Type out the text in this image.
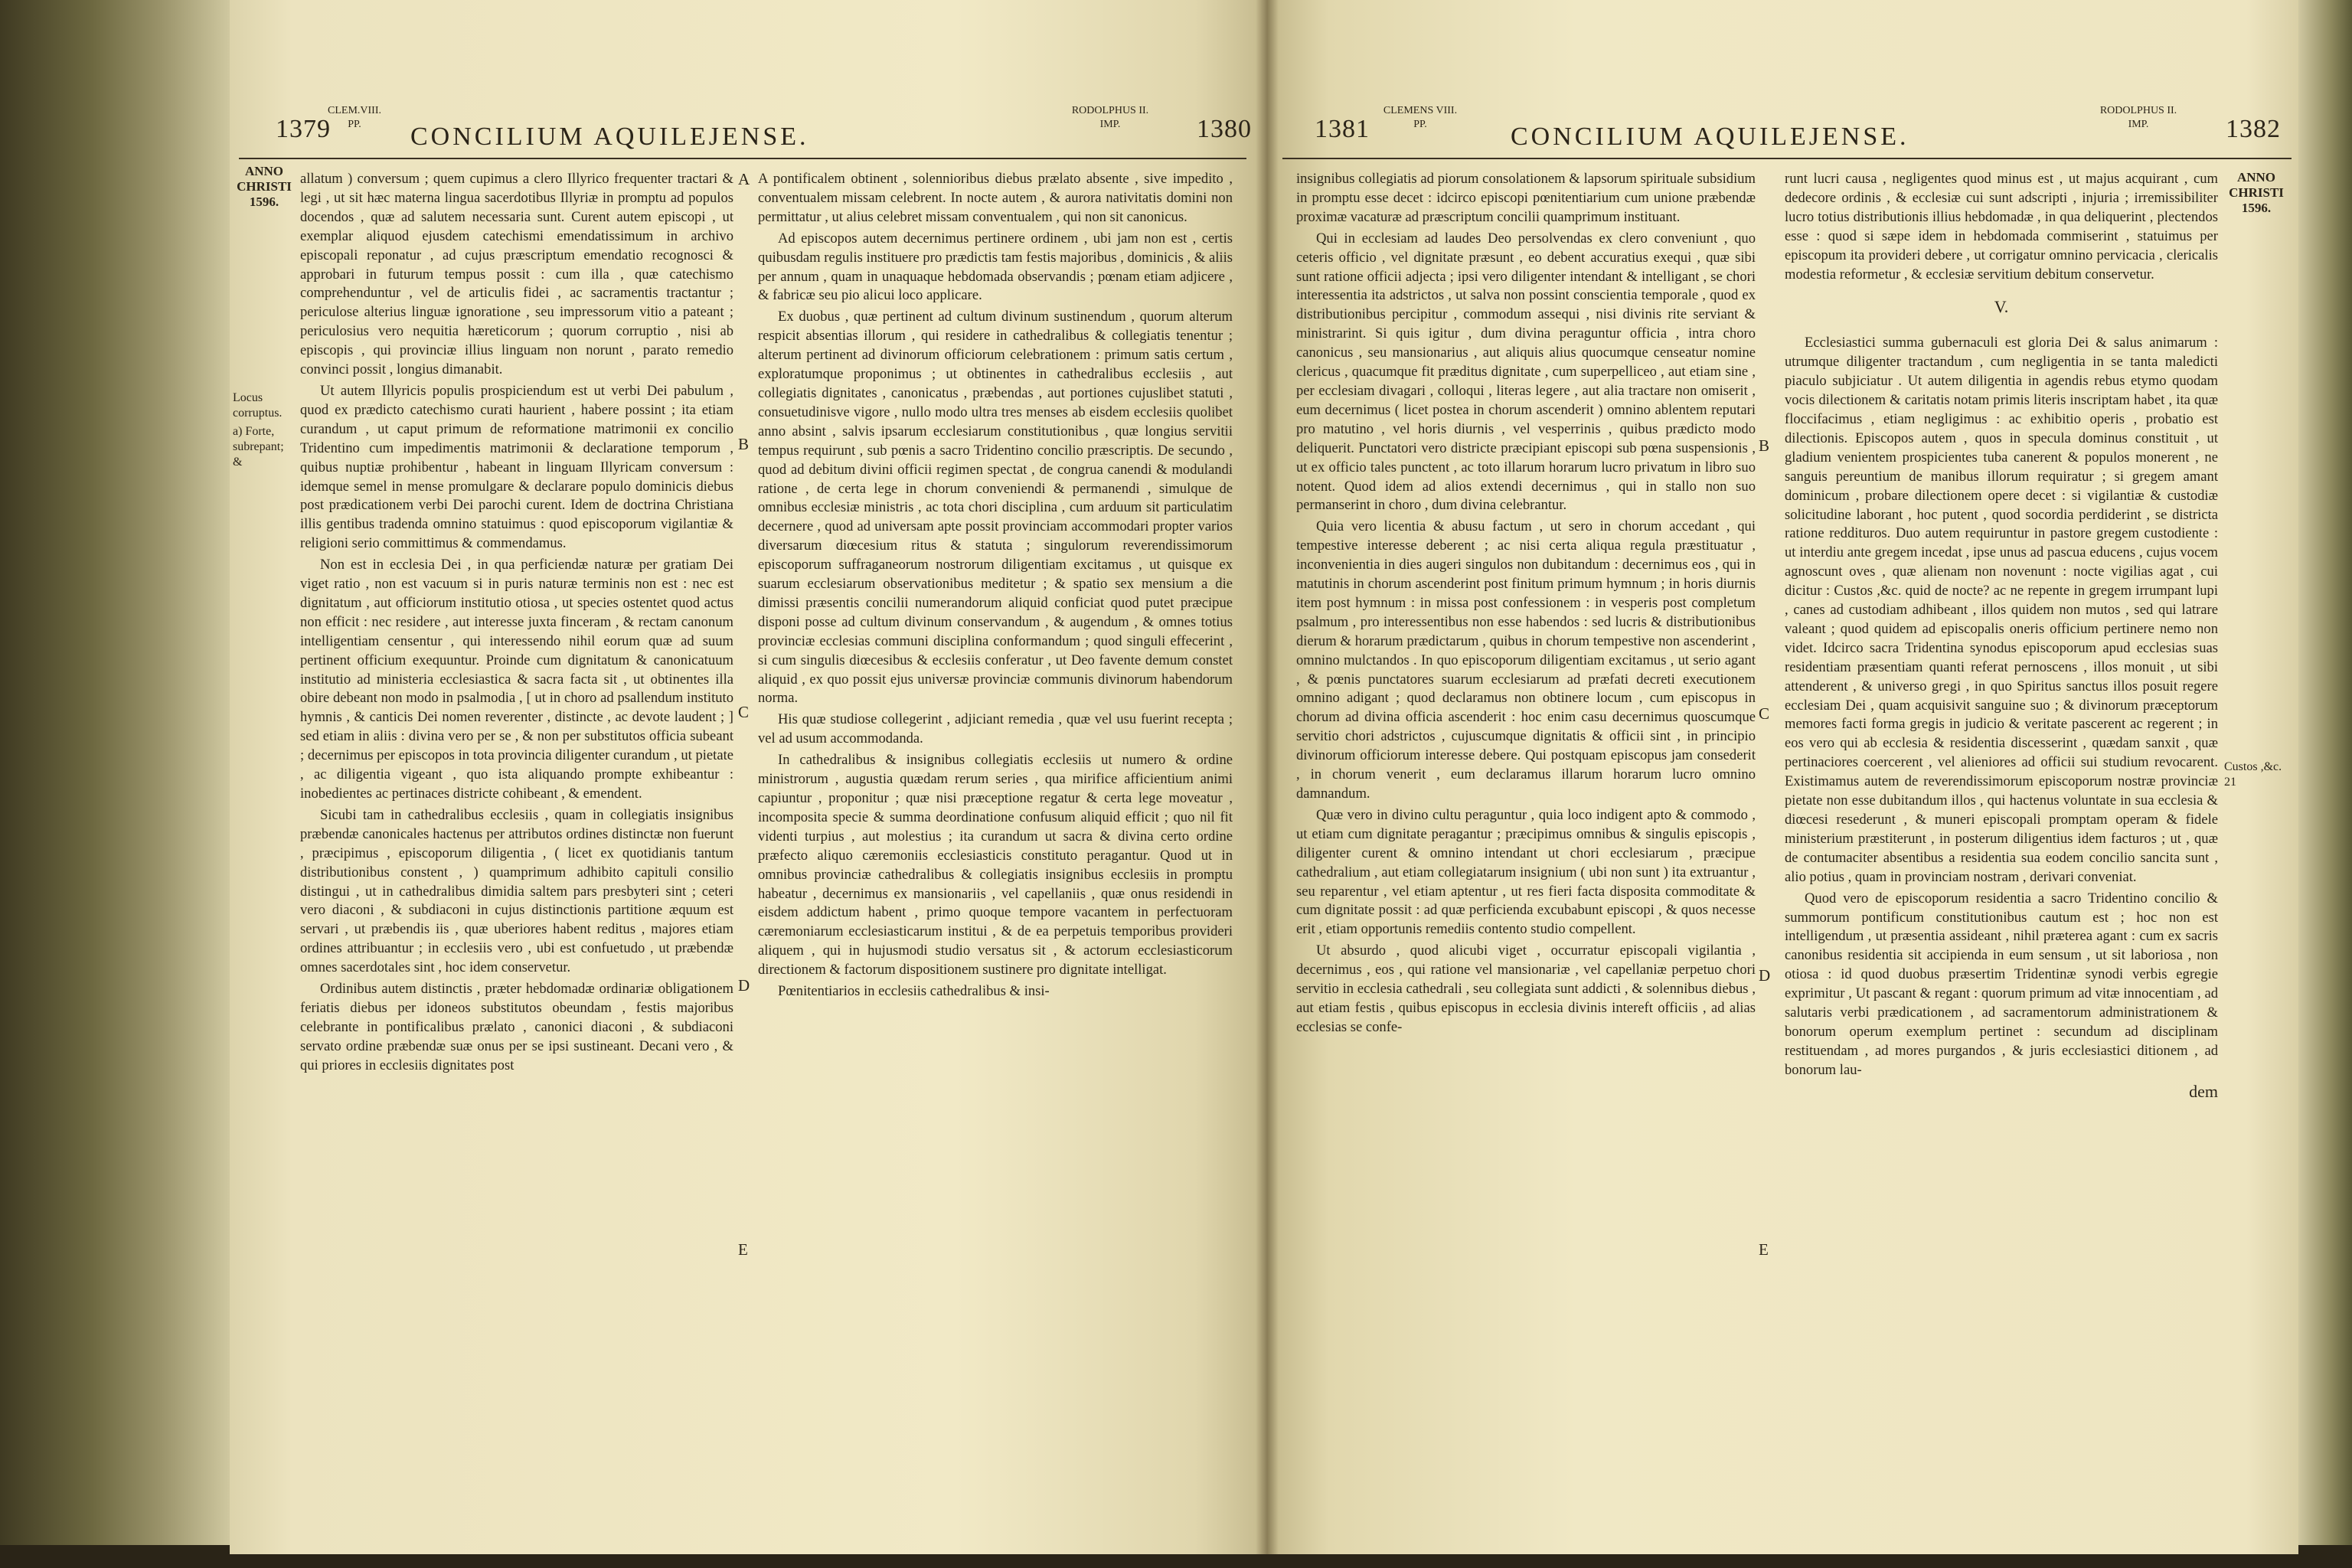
1379
CLEM.VIII. PP.	CONCILIUM AQUILEJENSE.
RODOLPHUS II. IMP.	1380
ANNO CHRISTI 1596.
Locus corruptus.
a) Forte, subrepant; &

allatum ) conversum ; quem cupimus a clero Illyrico frequenter tractari & legi , ut sit hæc materna lingua sacerdotibus Illyriæ in promptu ad populos docendos , quæ ad salutem necessaria sunt. Curent autem episcopi , ut exemplar aliquod ejusdem catechismi emendatissimum in archivo episcopali reponatur , ad cujus præscriptum emendatio recognosci & approbari in futurum tempus possit : cum illa , quæ catechismo comprehenduntur , vel de articulis fidei , ac sacramentis tractantur ; periculose alterius linguæ ignoratione , seu impressorum vitio a pateant ; periculosius vero nequitia hæreticorum ; quorum corruptio , nisi ab episcopis , qui provinciæ illius linguam non norunt , parato remedio convinci possit , longius dimanabit.

Ut autem Illyricis populis prospiciendum est ut verbi Dei pabulum , quod ex prædicto catechismo curati haurient , habere possint ; ita etiam curandum , ut caput primum de reformatione matrimonii ex concilio Tridentino cum impedimentis matrimonii & declaratione temporum , quibus nuptiæ prohibentur , habeant in linguam Illyricam conversum : idemque semel in mense promulgare & declarare populo dominicis diebus post prædicationem verbi Dei parochi curent. Idem de doctrina Christiana illis gentibus tradenda omnino statuimus : quod episcoporum vigilantiæ & religioni serio committimus & commendamus.

Non est in ecclesia Dei , in qua perficiendæ naturæ per gratiam Dei viget ratio , non est vacuum si in puris naturæ terminis non est : nec est dignitatum , aut officiorum institutio otiosa , ut species ostentet quod actus non efficit : nec residere , aut interesse juxta finceram , & rectam canonum intelligentiam censentur , qui interessendo nihil eorum quæ ad suum pertinent officium exequuntur. Proinde cum dignitatum & canonicatuum institutio ad ministeria ecclesiastica & sacra facta sit , ut obtinentes illa obire debeant non modo in psalmodia , [ ut in choro ad psallendum instituto hymnis , & canticis Dei nomen reverenter , distincte , ac devote laudent ; ] sed etiam in aliis : divina vero per se , & non per substitutos officia subeant ; decernimus per episcopos in tota provincia diligenter curandum , ut pietate , ac diligentia vigeant , quo ista aliquando prompte exhibeantur : inobedientes ac pertinaces districte cohibeant , & emendent.

Sicubi tam in cathedralibus ecclesiis , quam in collegiatis insignibus præbendæ canonicales hactenus per attributos ordines distinctæ non fuerunt , præcipimus , episcoporum diligentia , ( licet ex quotidianis tantum distributionibus constent , ) quamprimum adhibito capituli consilio distingui , ut in cathedralibus dimidia saltem pars presbyteri sint ; ceteri vero diaconi , & subdiaconi in cujus distinctionis partitione æquum est servari , ut præbendis iis , quæ uberiores habent reditus , majores etiam ordines attribuantur ; in ecclesiis vero , ubi est confuetudo , ut præbendæ omnes sacerdotales sint , hoc idem conservetur.

Ordinibus autem distinctis , præter hebdomadæ ordinariæ obligationem feriatis diebus per idoneos substitutos obeundam , festis majoribus celebrante in pontificalibus prælato , canonici diaconi , & subdiaconi servato ordine præbendæ suæ onus per se ipsi sustineant. Decani vero , & qui priores in ecclesiis dignitates post

A
B
C
D
E

A pontificalem obtinent , solennioribus diebus prælato absente , sive impedito , conventualem missam celebrent. In nocte autem , & aurora nativitatis domini non permittatur , ut alius celebret missam conventualem , qui non sit canonicus.

Ad episcopos autem decernimus pertinere ordinem , ubi jam non est , certis quibusdam regulis instituere pro prædictis tam festis majoribus , dominicis , & aliis per annum , quam in unaquaque hebdomada observandis ; pœnam etiam adjicere , & fabricæ seu pio alicui loco applicare.

Ex duobus , quæ pertinent ad cultum divinum sustinendum , quorum alterum respicit absentias illorum , qui residere in cathedralibus & collegiatis tenentur ; alterum pertinent ad divinorum officiorum celebrationem : primum satis certum , exploratumque proponimus ; ut obtinentes in cathedralibus ecclesiis , aut collegiatis dignitates , canonicatus , præbendas , aut portiones cujuslibet statuti , consuetudinisve vigore , nullo modo ultra tres menses ab eisdem ecclesiis quolibet anno absint , salvis ipsarum ecclesiarum constitutionibus , quæ longius servitii tempus requirunt , sub pœnis a sacro Tridentino concilio præscriptis. De secundo , quod ad debitum divini officii regimen spectat , de congrua canendi & modulandi ratione , de certa lege in chorum conveniendi & permanendi , simulque de omnibus ecclesiæ ministris , ac tota chori disciplina , cum arduum sit particulatim decernere , quod ad universam apte possit provinciam accommodari propter varios diversarum diœcesium ritus & statuta ; singulorum reverendissimorum episcoporum suffraganeorum nostrorum diligentiam excitamus , ut quisque ex suarum ecclesiarum observationibus meditetur ; & spatio sex mensium a die dimissi præsentis concilii numerandorum aliquid conficiat quod putet præcipue disponi posse ad cultum divinum conservandum , & augendum , & omnes totius provinciæ ecclesias communi disciplina conformandum ; quod singuli effecerint , si cum singulis diœcesibus & ecclesiis conferatur , ut Deo favente demum constet aliquid , ex quo possit ejus universæ provinciæ communis divinorum habendorum norma.

His quæ studiose collegerint , adjiciant remedia , quæ vel usu fuerint recepta ; vel ad usum accommodanda.

In cathedralibus & insignibus collegiatis ecclesiis ut numero & ordine ministrorum , augustia quædam rerum series , qua mirifice afficientium animi capiuntur , proponitur ; quæ nisi præceptione regatur & certa lege moveatur , incomposita specie & summa deordinatione confusum aliquid efficit ; quo nil fit videnti turpius , aut molestius ; ita curandum ut sacra & divina certo ordine præfecto aliquo cæremoniis ecclesiasticis constituto peragantur. Quod ut in omnibus provinciæ cathedralibus & collegiatis insignibus ecclesiis in promptu habeatur , decernimus ex mansionariis , vel capellaniis , quæ onus residendi in eisdem addictum habent , primo quoque tempore vacantem in perfectuoram cæremoniarum ecclesiasticarum institui , & de ea perpetuis temporibus provideri aliquem , qui in hujusmodi studio versatus sit , & actorum ecclesiasticorum directionem & factorum dispositionem sustinere pro dignitate intelligat.

Pœnitentiarios in ecclesiis cathedralibus & insi-

1381
CLEMENS VIII. PP.	CONCILIUM AQUILEJENSE.
RODOLPHUS II. IMP.	1382
ANNO CHRISTI 1596.
Custos ,&c. 21

insignibus collegiatis ad piorum consolationem & lapsorum spirituale subsidium in promptu esse decet : idcirco episcopi pœnitentiarium cum unione præbendæ proximæ vacaturæ ad præscriptum concilii quamprimum instituant.

Qui in ecclesiam ad laudes Deo persolvendas ex clero conveniunt , quo ceteris officio , vel dignitate præsunt , eo debent accuratius exequi , quæ sibi sunt ratione officii adjecta ; ipsi vero diligenter intendant & intelligant , se chori interessentia ita adstrictos , ut salva non possint conscientia temporale , quod ex distributionibus percipitur , commodum assequi , nisi divinis rite serviant & ministrarint. Si quis igitur , dum divina peraguntur officia , intra choro canonicus , seu mansionarius , aut aliquis alius quocumque censeatur nomine clericus , quacumque fit præditus dignitate , cum superpelliceo , aut etiam sine , per ecclesiam divagari , colloqui , literas legere , aut alia tractare non omiserit , eum decernimus ( licet postea in chorum ascenderit ) omnino ablentem reputari pro matutino , vel horis diurnis , vel vesperrinis , quibus prædicto modo deliquerit. Punctatori vero districte præcipiant episcopi sub pœna suspensionis , ut ex officio tales punctent , ac toto illarum horarum lucro privatum in libro suo notent. Quod idem ad alios extendi decernimus , qui in stallo non suo permanserint in choro , dum divina celebrantur.

Quia vero licentia & abusu factum , ut sero in chorum accedant , qui tempestive interesse deberent ; ac nisi certa aliqua regula præstituatur , inconvenientia in dies augeri singulos non dubitandum : decernimus eos , qui in matutinis in chorum ascenderint post finitum primum hymnum ; in horis diurnis item post hymnum : in missa post confessionem : in vesperis post completum psalmum , pro interessentibus non esse habendos : sed lucris & distributionibus dierum & horarum prædictarum , quibus in chorum tempestive non ascenderint , omnino mulctandos . In quo episcoporum diligentiam excitamus , ut serio agant , & pœnis punctatores suarum ecclesiarum ad præfati decreti executionem omnino adigant ; quod declaramus non obtinere locum , cum episcopus in chorum ad divina officia ascenderit : hoc enim casu decernimus quoscumque servitio chori adstrictos , cujuscumque dignitatis & officii sint , in principio divinorum officiorum interesse debere. Qui postquam episcopus jam consederit , in chorum venerit , eum declaramus illarum horarum lucro omnino damnandum.

Quæ vero in divino cultu peraguntur , quia loco indigent apto & commodo , ut etiam cum dignitate peragantur ; præcipimus omnibus & singulis episcopis , diligenter curent & omnino intendant ut chori ecclesiarum , præcipue cathedralium , aut etiam collegiatarum insignium ( ubi non sunt ) ita extruantur , seu reparentur , vel etiam aptentur , ut res fieri facta disposita commoditate & cum dignitate possit : ad quæ perficienda excubabunt episcopi , & quos necesse erit , etiam opportunis remediis contento studio compellent.

Ut absurdo , quod alicubi viget , occurratur episcopali vigilantia , decernimus , eos , qui ratione vel mansionariæ , vel capellaniæ perpetuo chori servitio in ecclesia cathedrali , seu collegiata sunt addicti , & solennibus diebus , aut etiam festis , quibus episcopus in ecclesia divinis intereft officiis , ad alias ecclesias se confe-

B
C
D
E

runt lucri causa , negligentes quod minus est , ut majus acquirant , cum dedecore ordinis , & ecclesiæ cui sunt adscripti , injuria ; irremissibiliter lucro totius distributionis illius hebdomadæ , in qua deliquerint , plectendos esse : quod si sæpe idem in hebdomada commiserint , statuimus per episcopum ita provideri debere , ut corrigatur omnino pervicacia , clericalis modestia reformetur , & ecclesiæ servitium debitum conservetur.

V.

Ecclesiastici summa gubernaculi est gloria Dei & salus animarum : utrumque diligenter tractandum , cum negligentia in se tanta maledicti piaculo subjiciatur . Ut autem diligentia in agendis rebus etymo quodam vocis dilectionem & caritatis notam primis literis inscriptam habet , ita quæ floccifacimus , etiam negligimus : ac exhibitio operis , probatio est dilectionis. Episcopos autem , quos in specula dominus constituit , ut gladium venientem prospicientes tuba canerent & populos monerent , ne sanguis pereuntium de manibus illorum requiratur ; si gregem amant dominicum , probare dilectionem opere decet : si vigilantiæ & custodiæ solicitudine laborant , hoc putent , quod socordia perdiderint , se districta ratione reddituros. Duo autem requiruntur in pastore gregem custodiente : ut interdiu ante gregem incedat , ipse unus ad pascua educens , cujus vocem agnoscunt oves , quæ alienam non novenunt : nocte vigilias agat , cui dicitur : Custos ,&c. quid de nocte? ac ne repente in gregem irrumpant lupi , canes ad custodiam adhibeant , illos quidem non mutos , sed qui latrare valeant ; quod quidem ad episcopalis oneris officium pertinere nemo non videt. Idcirco sacra Tridentina synodus episcoporum apud ecclesias suas residentiam præsentiam quanti referat pernoscens , illos monuit , ut sibi attenderent , & universo gregi , in quo Spiritus sanctus illos posuit regere ecclesiam Dei , quam acquisivit sanguine suo ; & divinorum præceptorum memores facti forma gregis in judicio & veritate pascerent ac regerent ; in eos vero qui ab ecclesia & residentia discesserint , quædam sanxit , quæ pertinaciores coercerent , vel alieniores ad officii sui studium revocarent. Existimamus autem de reverendissimorum episcoporum nostræ provinciæ pietate non esse dubitandum illos , qui hactenus voluntate in sua ecclesia & diœcesi resederunt , & muneri episcopali promptam operam & fidele ministerium præstiterunt , in posterum diligentius idem facturos ; ut , quæ de contumaciter absentibus a residentia sua eodem concilio sancita sunt , alio potius , quam in provinciam nostram , derivari conveniat.

Quod vero de episcoporum residentia a sacro Tridentino concilio & summorum pontificum constitutionibus cautum est ; hoc non est intelligendum , ut præsentia assideant , nihil præterea agant : cum ex sacris canonibus residentia sit accipienda in eum sensum , ut sit laboriosa , non otiosa : id quod duobus præsertim Tridentinæ synodi verbis egregie exprimitur , Ut pascant & regant : quorum primum ad vitæ innocentiam , ad salutaris verbi prædicationem , ad sacramentorum administrationem & bonorum operum exemplum pertinet : secundum ad disciplinam restituendam , ad mores purgandos , & juris ecclesiastici ditionem , ad bonorum lau-

dem
